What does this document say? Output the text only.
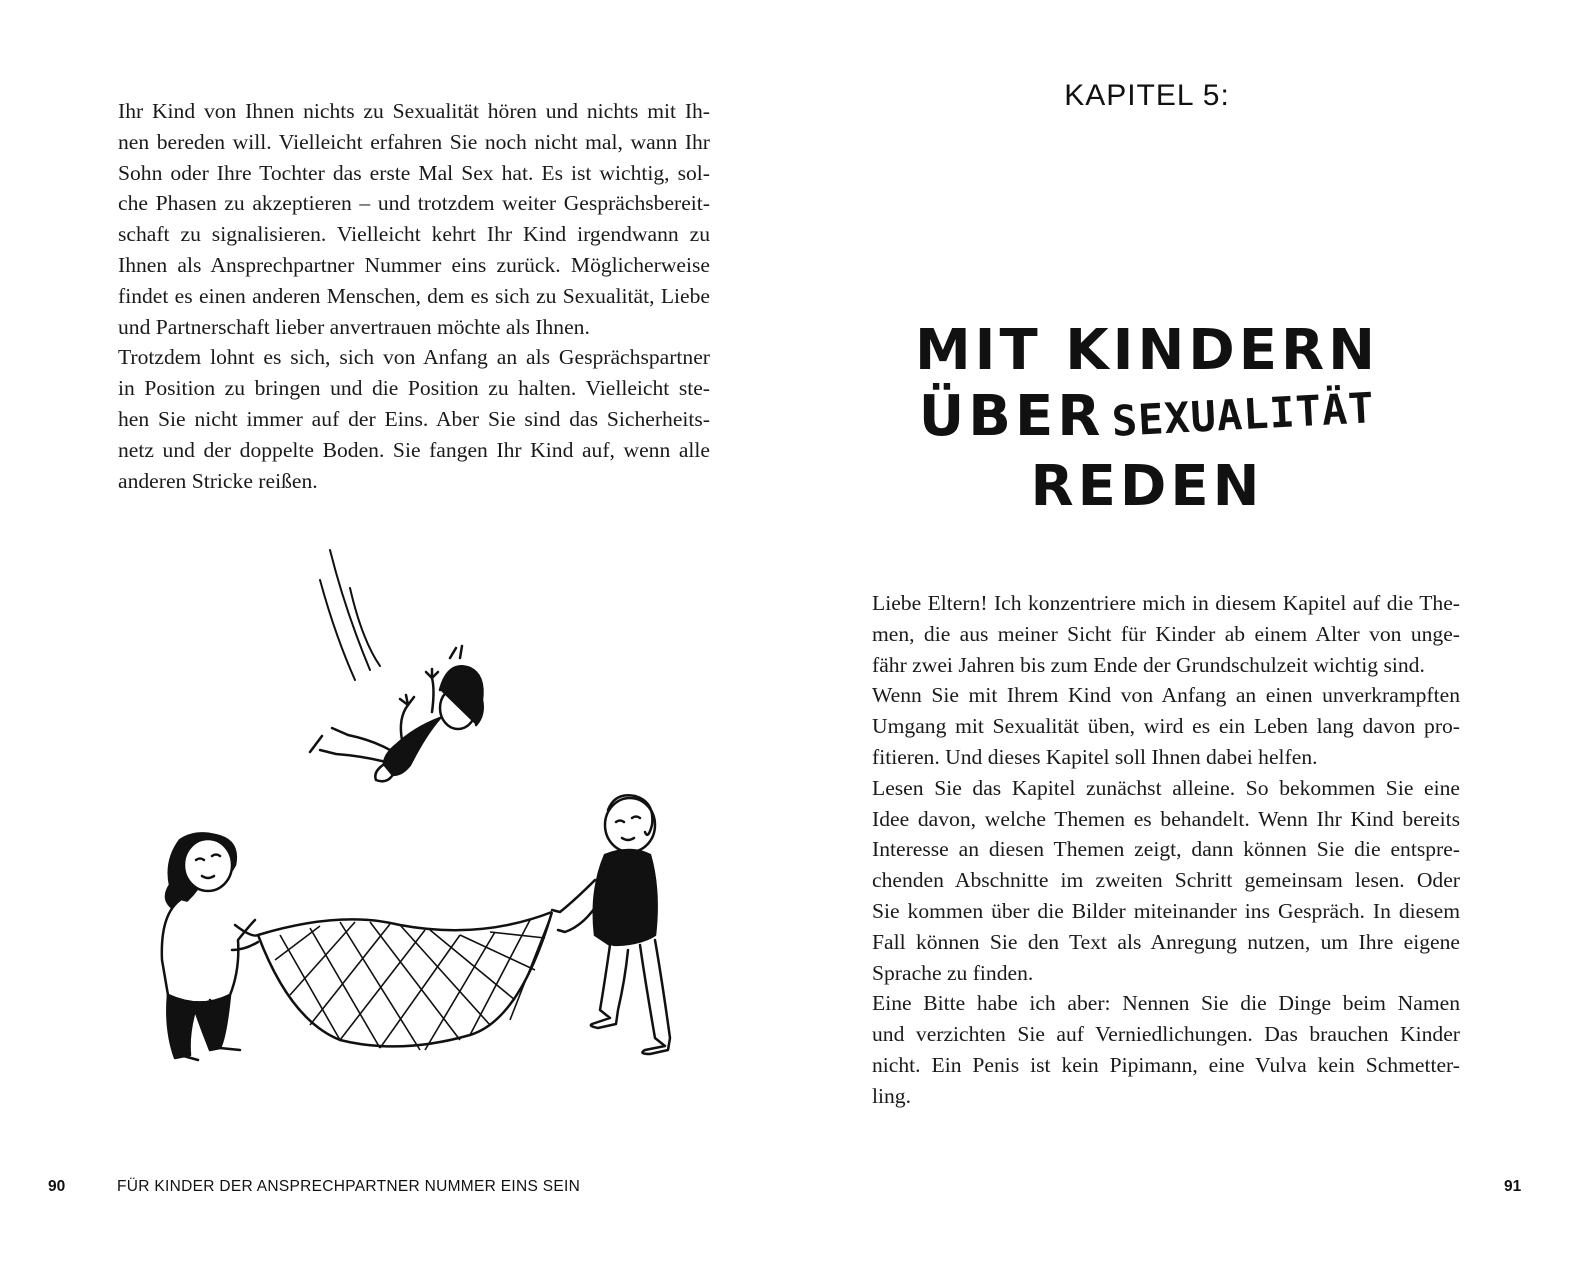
Ihr Kind von Ihnen nichts zu Sexualität hören und nichts mit Ih-

nen bereden will. Vielleicht erfahren Sie noch nicht mal, wann Ihr

Sohn oder Ihre Tochter das erste Mal Sex hat. Es ist wichtig, sol-

che Phasen zu akzeptieren – und trotzdem weiter Gesprächsbereit-

schaft zu signalisieren. Vielleicht kehrt Ihr Kind irgendwann zu

Ihnen als Ansprechpartner Nummer eins zurück. Möglicherweise

findet es einen anderen Menschen, dem es sich zu Sexualität, Liebe

und Partnerschaft lieber anvertrauen möchte als Ihnen.

Trotzdem lohnt es sich, sich von Anfang an als Gesprächspartner

in Position zu bringen und die Position zu halten. Vielleicht ste-

hen Sie nicht immer auf der Eins. Aber Sie sind das Sicherheits-

netz und der doppelte Boden. Sie fangen Ihr Kind auf, wenn alle

anderen Stricke reißen.

90	FÜR KINDER DER ANSPRECHPARTNER NUMMER EINS SEIN
KAPITEL 5:
MIT KINDERN
ÜBER SEXUALITÄT
REDEN

Liebe Eltern! Ich konzentriere mich in diesem Kapitel auf die The-

men, die aus meiner Sicht für Kinder ab einem Alter von unge-

fähr zwei Jahren bis zum Ende der Grundschulzeit wichtig sind.

Wenn Sie mit Ihrem Kind von Anfang an einen unverkrampften

Umgang mit Sexualität üben, wird es ein Leben lang davon pro-

fitieren. Und dieses Kapitel soll Ihnen dabei helfen.

Lesen Sie das Kapitel zunächst alleine. So bekommen Sie eine

Idee davon, welche Themen es behandelt. Wenn Ihr Kind bereits

Interesse an diesen Themen zeigt, dann können Sie die entspre-

chenden Abschnitte im zweiten Schritt gemeinsam lesen. Oder

Sie kommen über die Bilder miteinander ins Gespräch. In diesem

Fall können Sie den Text als Anregung nutzen, um Ihre eigene

Sprache zu finden.

Eine Bitte habe ich aber: Nennen Sie die Dinge beim Namen

und verzichten Sie auf Verniedlichungen. Das brauchen Kinder

nicht. Ein Penis ist kein Pipimann, eine Vulva kein Schmetter-

ling.

91
